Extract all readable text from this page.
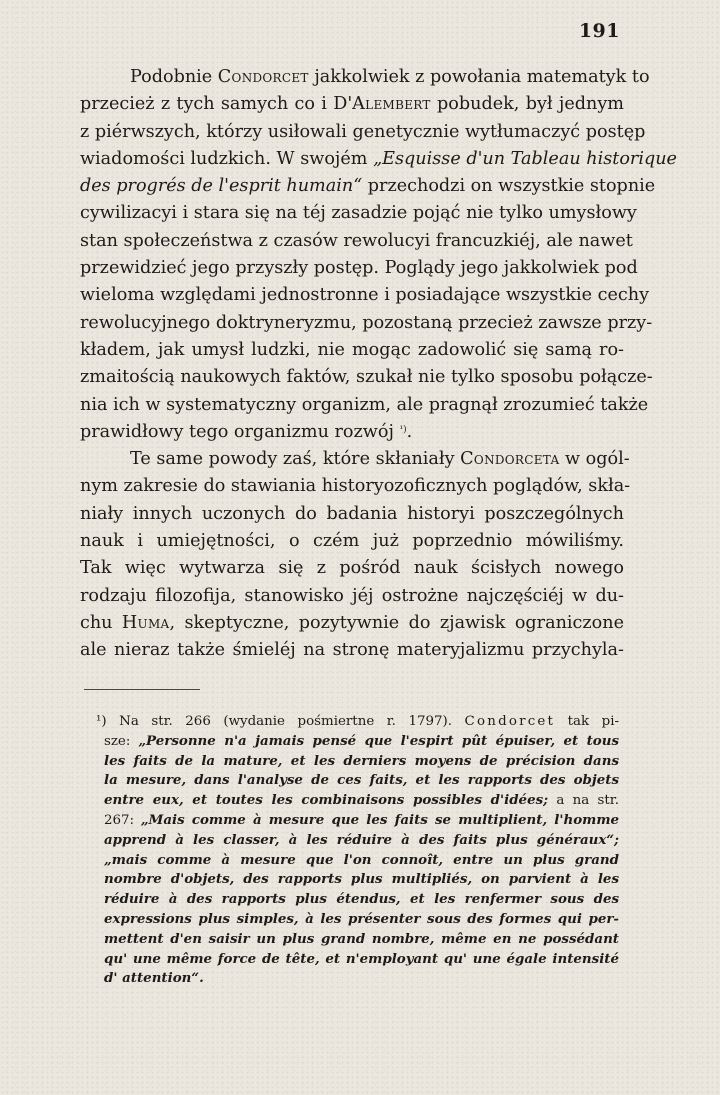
191
Podobnie Condorcet jakkolwiek z powołania matematyk to
przecież z tych samych co i D'Alembert pobudek, był jednym
z piérwszych, którzy usiłowali genetycznie wytłumaczyć postęp
wiadomości ludzkich. W swojém „Esquisse d'un Tableau historique
des progrés de l'esprit humain“ przechodzi on wszystkie stopnie
cywilizacyi i stara się na téj zasadzie pojąć nie tylko umysłowy
stan społeczeństwa z czasów rewolucyi francuzkiéj, ale nawet
przewidzieć jego przyszły postęp. Poglądy jego jakkolwiek pod
wieloma względami jednostronne i posiadające wszystkie cechy
rewolucyjnego doktryneryzmu, pozostaną przecież zawsze przy-
kładem, jak umysł ludzki, nie mogąc zadowolić się samą ro-
zmaitością naukowych faktów, szukał nie tylko sposobu połącze-
nia ich w systematyczny organizm, ale pragnął zrozumieć także
prawidłowy tego organizmu rozwój $^{^1)}$.
Te same powody zaś, które skłaniały Condorceta w ogól-
nym zakresie do stawiania historyozoficznych poglądów, skła-
niały innych uczonych do badania historyi poszczególnych
nauk i umiejętności, o czém już poprzednio mówiliśmy.
Tak więc wytwarza się z pośród nauk ścisłych nowego
rodzaju filozofija, stanowisko jéj ostrożne najczęściéj w du-
chu Huma, skeptyczne, pozytywnie do zjawisk ograniczone
ale nieraz także śmieléj na stronę materyjalizmu przychyla-
¹) Na str. 266 (wydanie pośmiertne r. 1797). Condorcet tak pi-
sze: „Personne n'a jamais pensé que l'espirt pût épuiser, et tous
les faits de la mature, et les derniers moyens de précision dans
la mesure, dans l'analyse de ces faits, et les rapports des objets
entre eux, et toutes les combinaisons possibles d'idées; a na str.
267: „Mais comme à mesure que les faits se multiplient, l'homme
apprend à les classer, à les réduire à des faits plus généraux“;
„mais comme à mesure que l'on connoît, entre un plus grand
nombre d'objets, des rapports plus multipliés, on parvient à les
réduire à des rapports plus étendus, et les renfermer sous des
expressions plus simples, à les présenter sous des formes qui per-
mettent d'en saisir un plus grand nombre, même en ne possédant
qu' une même force de tête, et n'employant qu' une égale intensité
d' attention“.
